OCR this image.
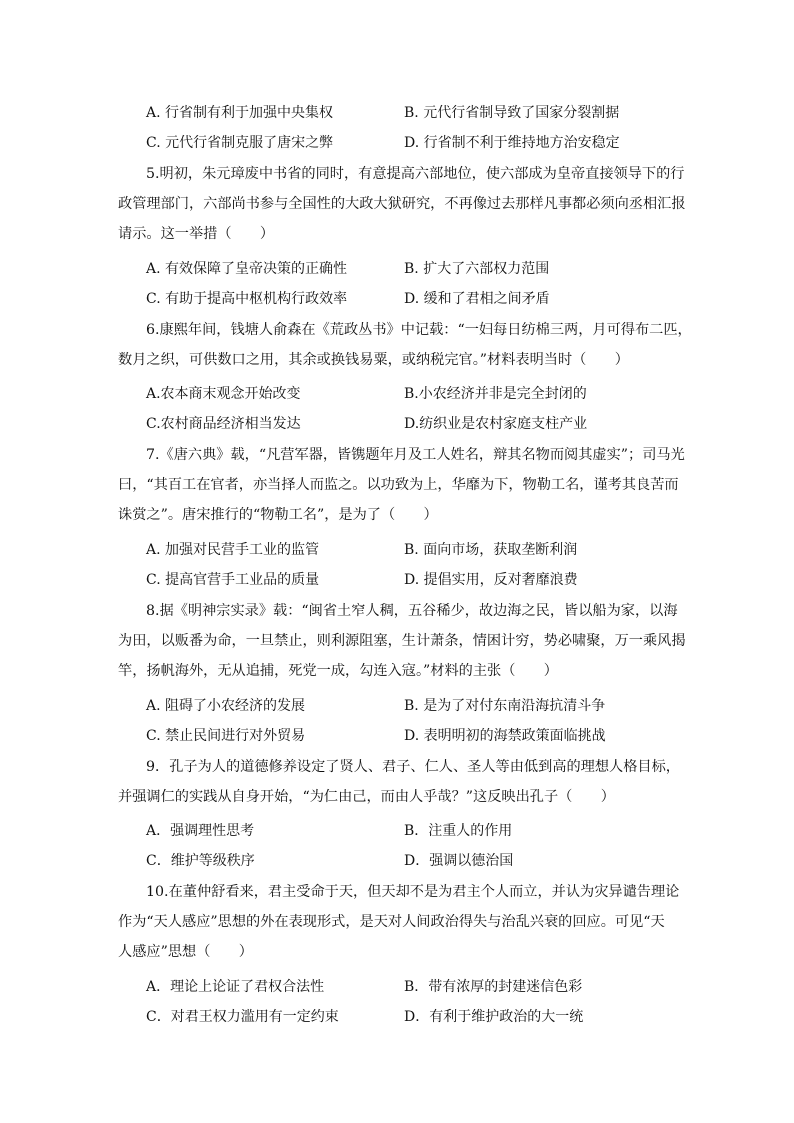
A. 行省制有利于加强中央集权	B. 元代行省制导致了国家分裂割据
C. 元代行省制克服了唐宋之弊	D. 行省制不利于维持地方治安稳定
5.明初，朱元璋废中书省的同时，有意提高六部地位，使六部成为皇帝直接领导下的行
政管理部门，六部尚书参与全国性的大政大狱研究，不再像过去那样凡事都必须向丞相汇报
请示。这一举措（　　）
A. 有效保障了皇帝决策的正确性	B. 扩大了六部权力范围
C. 有助于提高中枢机构行政效率	D. 缓和了君相之间矛盾
6.康熙年间，钱塘人俞森在《荒政丛书》中记载：“一妇每日纺棉三两，月可得布二匹，
数月之织，可供数口之用，其余或换钱易粟，或纳税完官。”材料表明当时（　　）
A.农本商末观念开始改变	B.小农经济并非是完全封闭的
C.农村商品经济相当发达	D.纺织业是农村家庭支柱产业
7.《唐六典》载，“凡营军器，皆镌题年月及工人姓名，辩其名物而阅其虚实”；司马光
曰，“其百工在官者，亦当择人而监之。以功致为上，华靡为下，物勒工名，谨考其良苦而
诛赏之”。唐宋推行的“物勒工名”，是为了（　　）
A. 加强对民营手工业的监管	B. 面向市场，获取垄断利润
C. 提高官营手工业品的质量	D. 提倡实用，反对奢靡浪费
8.据《明神宗实录》载：“闽省土窄人稠，五谷稀少，故边海之民，皆以船为家，以海
为田，以贩番为命，一旦禁止，则利源阻塞，生计萧条，情困计穷，势必啸聚，万一乘风揭
竿，扬帆海外，无从追捕，死党一成，勾连入寇。”材料的主张（　　）
A. 阻碍了小农经济的发展	B. 是为了对付东南沿海抗清斗争
C. 禁止民间进行对外贸易	D. 表明明初的海禁政策面临挑战
9．孔子为人的道德修养设定了贤人、君子、仁人、圣人等由低到高的理想人格目标，
并强调仁的实践从自身开始，“为仁由己，而由人乎哉？”这反映出孔子（　　）
A．强调理性思考	B．注重人的作用
C．维护等级秩序	D．强调以德治国
10.在董仲舒看来，君主受命于天，但天却不是为君主个人而立，并认为灾异谴告理论
作为“天人感应”思想的外在表现形式，是天对人间政治得失与治乱兴衰的回应。可见“天
人感应”思想（　　）
A．理论上论证了君权合法性	B．带有浓厚的封建迷信色彩
C．对君王权力滥用有一定约束	D．有利于维护政治的大一统
